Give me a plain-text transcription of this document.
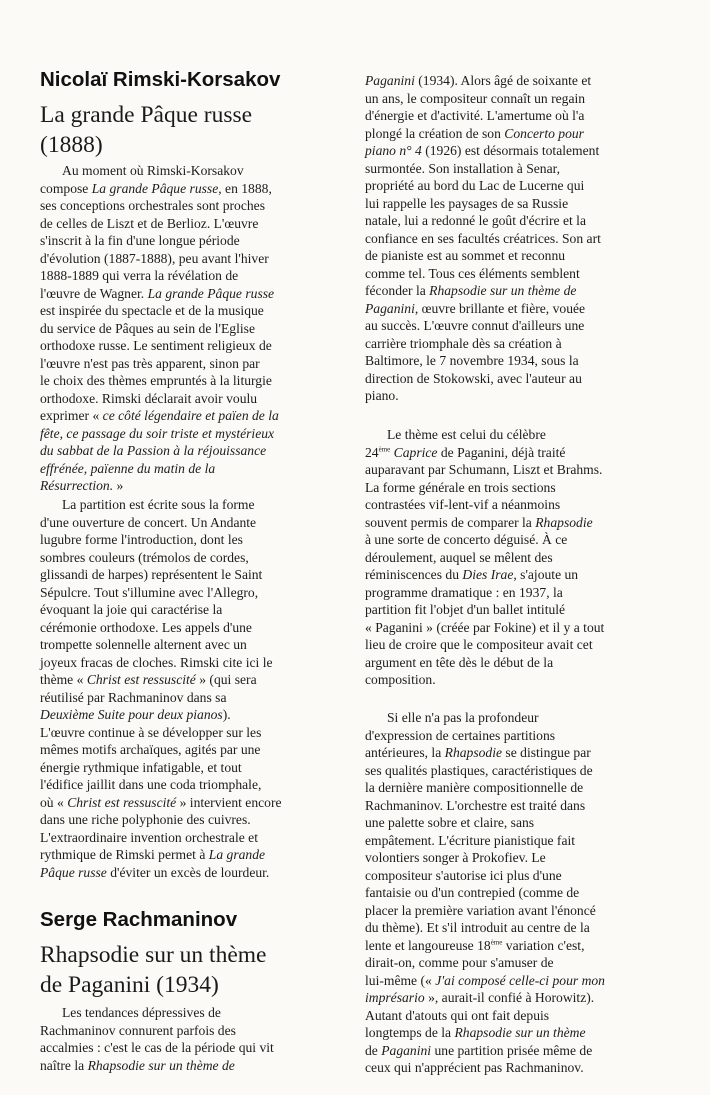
Nicolaï Rimski-Korsakov
La grande Pâque russe
(1888)
Au moment où Rimski-Korsakov
compose La grande Pâque russe, en 1888,
ses conceptions orchestrales sont proches
de celles de Liszt et de Berlioz. L'œuvre
s'inscrit à la fin d'une longue période
d'évolution (1887-1888), peu avant l'hiver
1888-1889 qui verra la révélation de
l'œuvre de Wagner. La grande Pâque russe
est inspirée du spectacle et de la musique
du service de Pâques au sein de l'Eglise
orthodoxe russe. Le sentiment religieux de
l'œuvre n'est pas très apparent, sinon par
le choix des thèmes empruntés à la liturgie
orthodoxe. Rimski déclarait avoir voulu
exprimer « ce côté légendaire et païen de la
fête, ce passage du soir triste et mystérieux
du sabbat de la Passion à la réjouissance
effrénée, païenne du matin de la
Résurrection. »
La partition est écrite sous la forme
d'une ouverture de concert. Un Andante
lugubre forme l'introduction, dont les
sombres couleurs (trémolos de cordes,
glissandi de harpes) représentent le Saint
Sépulcre. Tout s'illumine avec l'Allegro,
évoquant la joie qui caractérise la
cérémonie orthodoxe. Les appels d'une
trompette solennelle alternent avec un
joyeux fracas de cloches. Rimski cite ici le
thème « Christ est ressuscité » (qui sera
réutilisé par Rachmaninov dans sa
Deuxième Suite pour deux pianos).
L'œuvre continue à se développer sur les
mêmes motifs archaïques, agités par une
énergie rythmique infatigable, et tout
l'édifice jaillit dans une coda triomphale,
où « Christ est ressuscité » intervient encore
dans une riche polyphonie des cuivres.
L'extraordinaire invention orchestrale et
rythmique de Rimski permet à La grande
Pâque russe d'éviter un excès de lourdeur.
Serge Rachmaninov
Rhapsodie sur un thème
de Paganini (1934)
Les tendances dépressives de
Rachmaninov connurent parfois des
accalmies : c'est le cas de la période qui vit
naître la Rhapsodie sur un thème de
Paganini (1934). Alors âgé de soixante et
un ans, le compositeur connaît un regain
d'énergie et d'activité. L'amertume où l'a
plongé la création de son Concerto pour
piano n° 4 (1926) est désormais totalement
surmontée. Son installation à Senar,
propriété au bord du Lac de Lucerne qui
lui rappelle les paysages de sa Russie
natale, lui a redonné le goût d'écrire et la
confiance en ses facultés créatrices. Son art
de pianiste est au sommet et reconnu
comme tel. Tous ces éléments semblent
féconder la Rhapsodie sur un thème de
Paganini, œuvre brillante et fière, vouée
au succès. L'œuvre connut d'ailleurs une
carrière triomphale dès sa création à
Baltimore, le 7 novembre 1934, sous la
direction de Stokowski, avec l'auteur au
piano.
Le thème est celui du célèbre
24ème Caprice de Paganini, déjà traité
auparavant par Schumann, Liszt et Brahms.
La forme générale en trois sections
contrastées vif-lent-vif a néanmoins
souvent permis de comparer la Rhapsodie
à une sorte de concerto déguisé. À ce
déroulement, auquel se mêlent des
réminiscences du Dies Irae, s'ajoute un
programme dramatique : en 1937, la
partition fit l'objet d'un ballet intitulé
« Paganini » (créée par Fokine) et il y a tout
lieu de croire que le compositeur avait cet
argument en tête dès le début de la
composition.
Si elle n'a pas la profondeur
d'expression de certaines partitions
antérieures, la Rhapsodie se distingue par
ses qualités plastiques, caractéristiques de
la dernière manière compositionnelle de
Rachmaninov. L'orchestre est traité dans
une palette sobre et claire, sans
empâtement. L'écriture pianistique fait
volontiers songer à Prokofiev. Le
compositeur s'autorise ici plus d'une
fantaisie ou d'un contrepied (comme de
placer la première variation avant l'énoncé
du thème). Et s'il introduit au centre de la
lente et langoureuse 18ème variation c'est,
dirait-on, comme pour s'amuser de
lui-même (« J'ai composé celle-ci pour mon
imprésario », aurait-il confié à Horowitz).
Autant d'atouts qui ont fait depuis
longtemps de la Rhapsodie sur un thème
de Paganini une partition prisée même de
ceux qui n'apprécient pas Rachmaninov.
